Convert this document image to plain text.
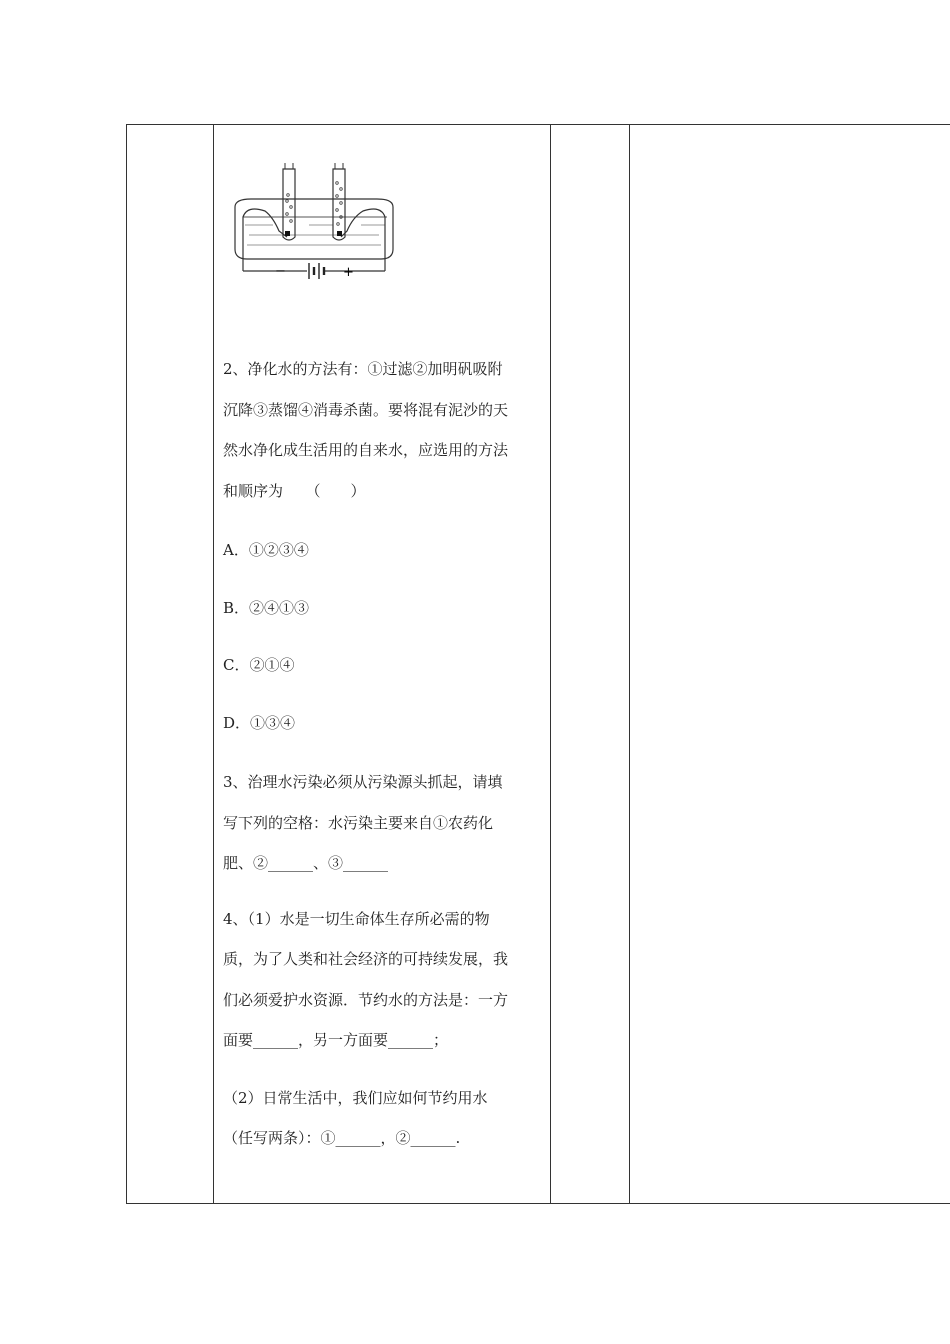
−	+

2、净化水的方法有：①过滤②加明矾吸附

沉降③蒸馏④消毒杀菌。要将混有泥沙的天

然水净化成生活用的自来水，应选用的方法

和顺序为　　（　　）

A．①②③④

B．②④①③

C．②①④

D．①③④

3、治理水污染必须从污染源头抓起，请填

写下列的空格：水污染主要来自①农药化

肥、②______、③______

4、（1）水是一切生命体生存所必需的物

质，为了人类和社会经济的可持续发展，我

们必须爱护水资源．节约水的方法是：一方

面要______，另一方面要______；

（2）日常生活中，我们应如何节约用水

（任写两条）：①______，②______.
